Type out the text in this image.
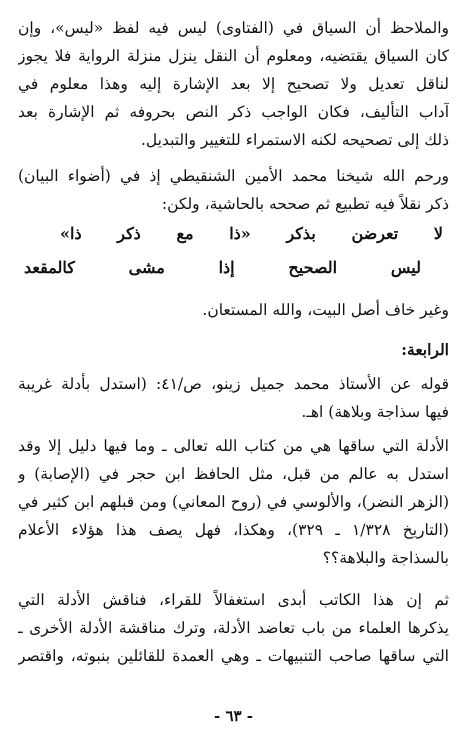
والملاحظ أن السياق في (الفتاوى) ليس فيه لفظ «ليس»، وإن
كان السياق يقتضيه، ومعلوم أن النقل ينزل منزلة الرواية فلا يجوز
لناقل تعديل ولا تصحيح إلا بعد الإشارة إليه وهذا معلوم في
آداب التأليف، فكان الواجب ذكر النص بحروفه ثم الإشارة بعد
ذلك إلى تصحيحه لكنه الاستمراء للتغيير والتبديل.
ورحم الله شيخنا محمد الأمين الشنقيطي إذ في (أضواء البيان)
ذكر نقلاً فيه تطبيع ثم صححه بالحاشية، ولكن:
لا تعرضن بذكر «ذا مع ذكر ذا»
ليس الصحيح إذا مشى كالمقعد
وغير خاف أصل البيت، والله المستعان.
الرابعة:
قوله عن الأستاذ محمد جميل زينو، ص/٤١: (استدل بأدلة غريبة
فيها سذاجة وبلاهة) اهـ.
الأدلة التي ساقها هي من كتاب الله تعالى ـ وما فيها دليل إلا وقد
استدل به عالم من قبل، مثل الحافظ ابن حجر في (الإصابة) و
(الزهر النضر)، والألوسي في (روح المعاني) ومن قبلهم ابن كثير في
(التاريخ ١/٣٢٨ ـ ٣٢٩)، وهكذا، فهل يصف هذا هؤلاء الأعلام
بالسذاجة والبلاهة؟؟
ثم إن هذا الكاتب أبدى استغفالاً للقراء، فناقش الأدلة التي
يذكرها العلماء من باب تعاضد الأدلة، وترك مناقشة الأدلة الأخرى ـ
التي ساقها صاحب التنبيهات ـ وهي العمدة للقائلين بنبوته، واقتصر
- ٦٣ -
